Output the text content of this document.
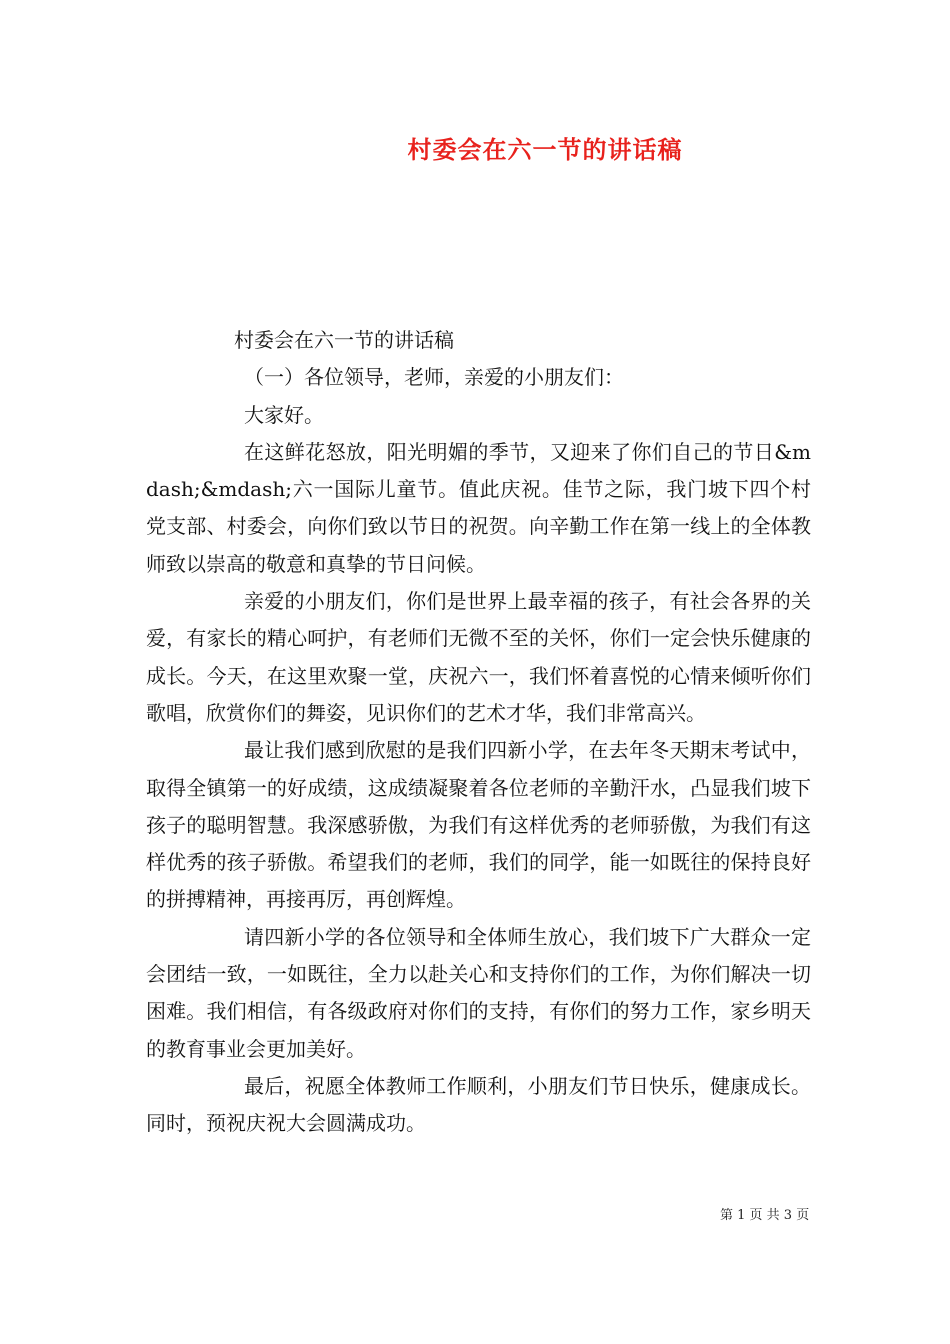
村委会在六一节的讲话稿

村委会在六一节的讲话稿

（一）各位领导，老师，亲爱的小朋友们：

大家好。

在这鲜花怒放，阳光明媚的季节，又迎来了你们自己的节日&mdash;&mdash;六一国际儿童节。值此庆祝。佳节之际，我门坡下四个村党支部、村委会，向你们致以节日的祝贺。向辛勤工作在第一线上的全体教师致以崇高的敬意和真挚的节日问候。

亲爱的小朋友们，你们是世界上最幸福的孩子，有社会各界的关爱，有家长的精心呵护，有老师们无微不至的关怀，你们一定会快乐健康的成长。今天，在这里欢聚一堂，庆祝六一，我们怀着喜悦的心情来倾听你们歌唱，欣赏你们的舞姿，见识你们的艺术才华，我们非常高兴。

最让我们感到欣慰的是我们四新小学，在去年冬天期末考试中，取得全镇第一的好成绩，这成绩凝聚着各位老师的辛勤汗水，凸显我们坡下孩子的聪明智慧。我深感骄傲，为我们有这样优秀的老师骄傲，为我们有这样优秀的孩子骄傲。希望我们的老师，我们的同学，能一如既往的保持良好的拼搏精神，再接再厉，再创辉煌。

请四新小学的各位领导和全体师生放心，我们坡下广大群众一定会团结一致，一如既往，全力以赴关心和支持你们的工作，为你们解决一切困难。我们相信，有各级政府对你们的支持，有你们的努力工作，家乡明天的教育事业会更加美好。

最后，祝愿全体教师工作顺利，小朋友们节日快乐，健康成长。同时，预祝庆祝大会圆满成功。

第 1 页 共 3 页
